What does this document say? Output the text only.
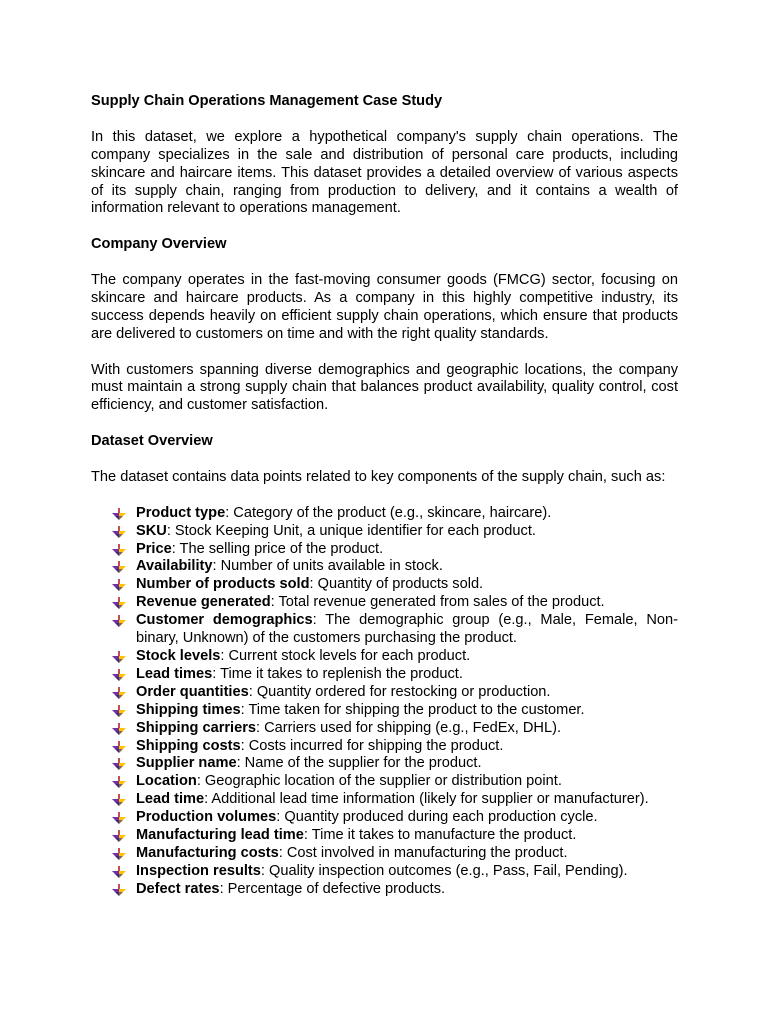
Supply Chain Operations Management Case Study

In this dataset, we explore a hypothetical company's supply chain operations. The company specializes in the sale and distribution of personal care products, including skincare and haircare items. This dataset provides a detailed overview of various aspects of its supply chain, ranging from production to delivery, and it contains a wealth of information relevant to operations management.

Company Overview

The company operates in the fast-moving consumer goods (FMCG) sector, focusing on skincare and haircare products. As a company in this highly competitive industry, its success depends heavily on efficient supply chain operations, which ensure that products are delivered to customers on time and with the right quality standards.

With customers spanning diverse demographics and geographic locations, the company must maintain a strong supply chain that balances product availability, quality control, cost efficiency, and customer satisfaction.

Dataset Overview

The dataset contains data points related to key components of the supply chain, such as:

Product type: Category of the product (e.g., skincare, haircare).
SKU: Stock Keeping Unit, a unique identifier for each product.
Price: The selling price of the product.
Availability: Number of units available in stock.
Number of products sold: Quantity of products sold.
Revenue generated: Total revenue generated from sales of the product.
Customer demographics: The demographic group (e.g., Male, Female, Non-binary, Unknown) of the customers purchasing the product.
Stock levels: Current stock levels for each product.
Lead times: Time it takes to replenish the product.
Order quantities: Quantity ordered for restocking or production.
Shipping times: Time taken for shipping the product to the customer.
Shipping carriers: Carriers used for shipping (e.g., FedEx, DHL).
Shipping costs: Costs incurred for shipping the product.
Supplier name: Name of the supplier for the product.
Location: Geographic location of the supplier or distribution point.
Lead time: Additional lead time information (likely for supplier or manufacturer).
Production volumes: Quantity produced during each production cycle.
Manufacturing lead time: Time it takes to manufacture the product.
Manufacturing costs: Cost involved in manufacturing the product.
Inspection results: Quality inspection outcomes (e.g., Pass, Fail, Pending).
Defect rates: Percentage of defective products.
